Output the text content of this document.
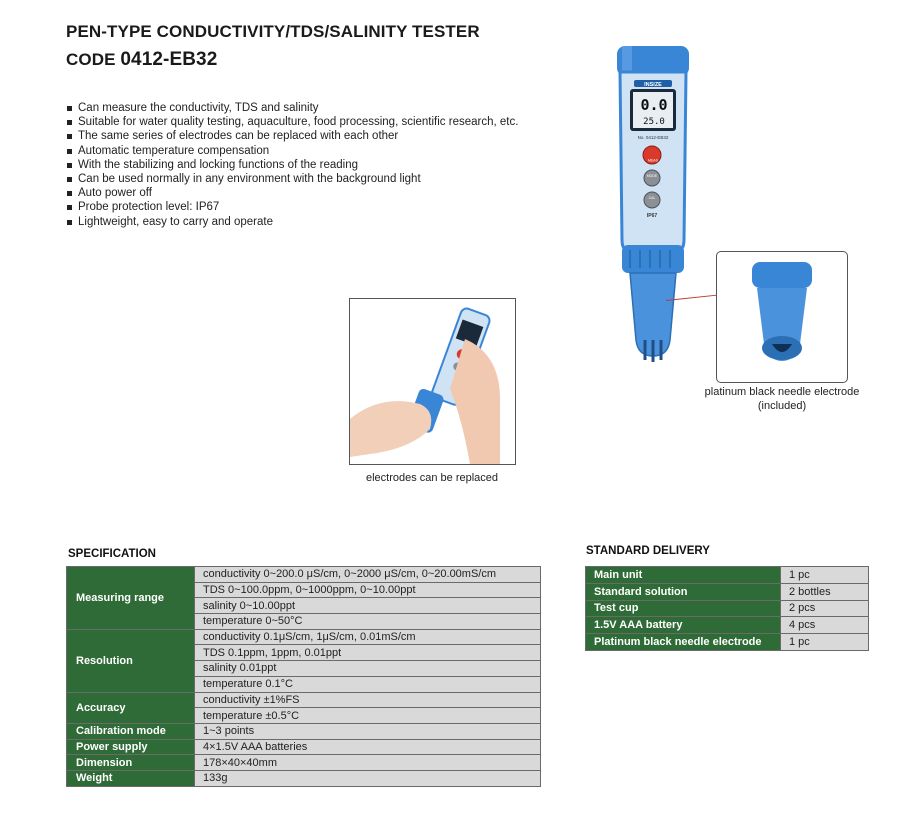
PEN-TYPE CONDUCTIVITY/TDS/SALINITY TESTER
CODE 0412-EB32
Can measure the conductivity, TDS and salinity
Suitable for water quality testing, aquaculture, food processing, scientific research, etc.
The same series of electrodes can be replaced with each other
Automatic temperature compensation
With the stabilizing and locking functions of the reading
Can be used normally in any environment with the background light
Auto power off
Probe protection level: IP67
Lightweight, easy to carry and operate
INSIZE
0.0
25.0
No. 0412-EB32
MEAS
MODE
CAL
IP67
platinum black needle electrode
(included)
electrodes can be replaced
SPECIFICATION
Measuring range	conductivity 0~200.0 μS/cm, 0~2000 μS/cm, 0~20.00mS/cm
	TDS 0~100.0ppm, 0~1000ppm, 0~10.00ppt
	salinity 0~10.00ppt
	temperature 0~50°C
Resolution	conductivity 0.1μS/cm, 1μS/cm, 0.01mS/cm
	TDS 0.1ppm, 1ppm, 0.01ppt
	salinity 0.01ppt
	temperature 0.1°C
Accuracy	conductivity ±1%FS
	temperature ±0.5°C
Calibration mode	1~3 points
Power supply	4×1.5V AAA batteries
Dimension	178×40×40mm
Weight	133g
STANDARD DELIVERY
Main unit	1 pc
Standard solution	2 bottles
Test cup	2 pcs
1.5V AAA battery	4 pcs
Platinum black needle electrode	1 pc
